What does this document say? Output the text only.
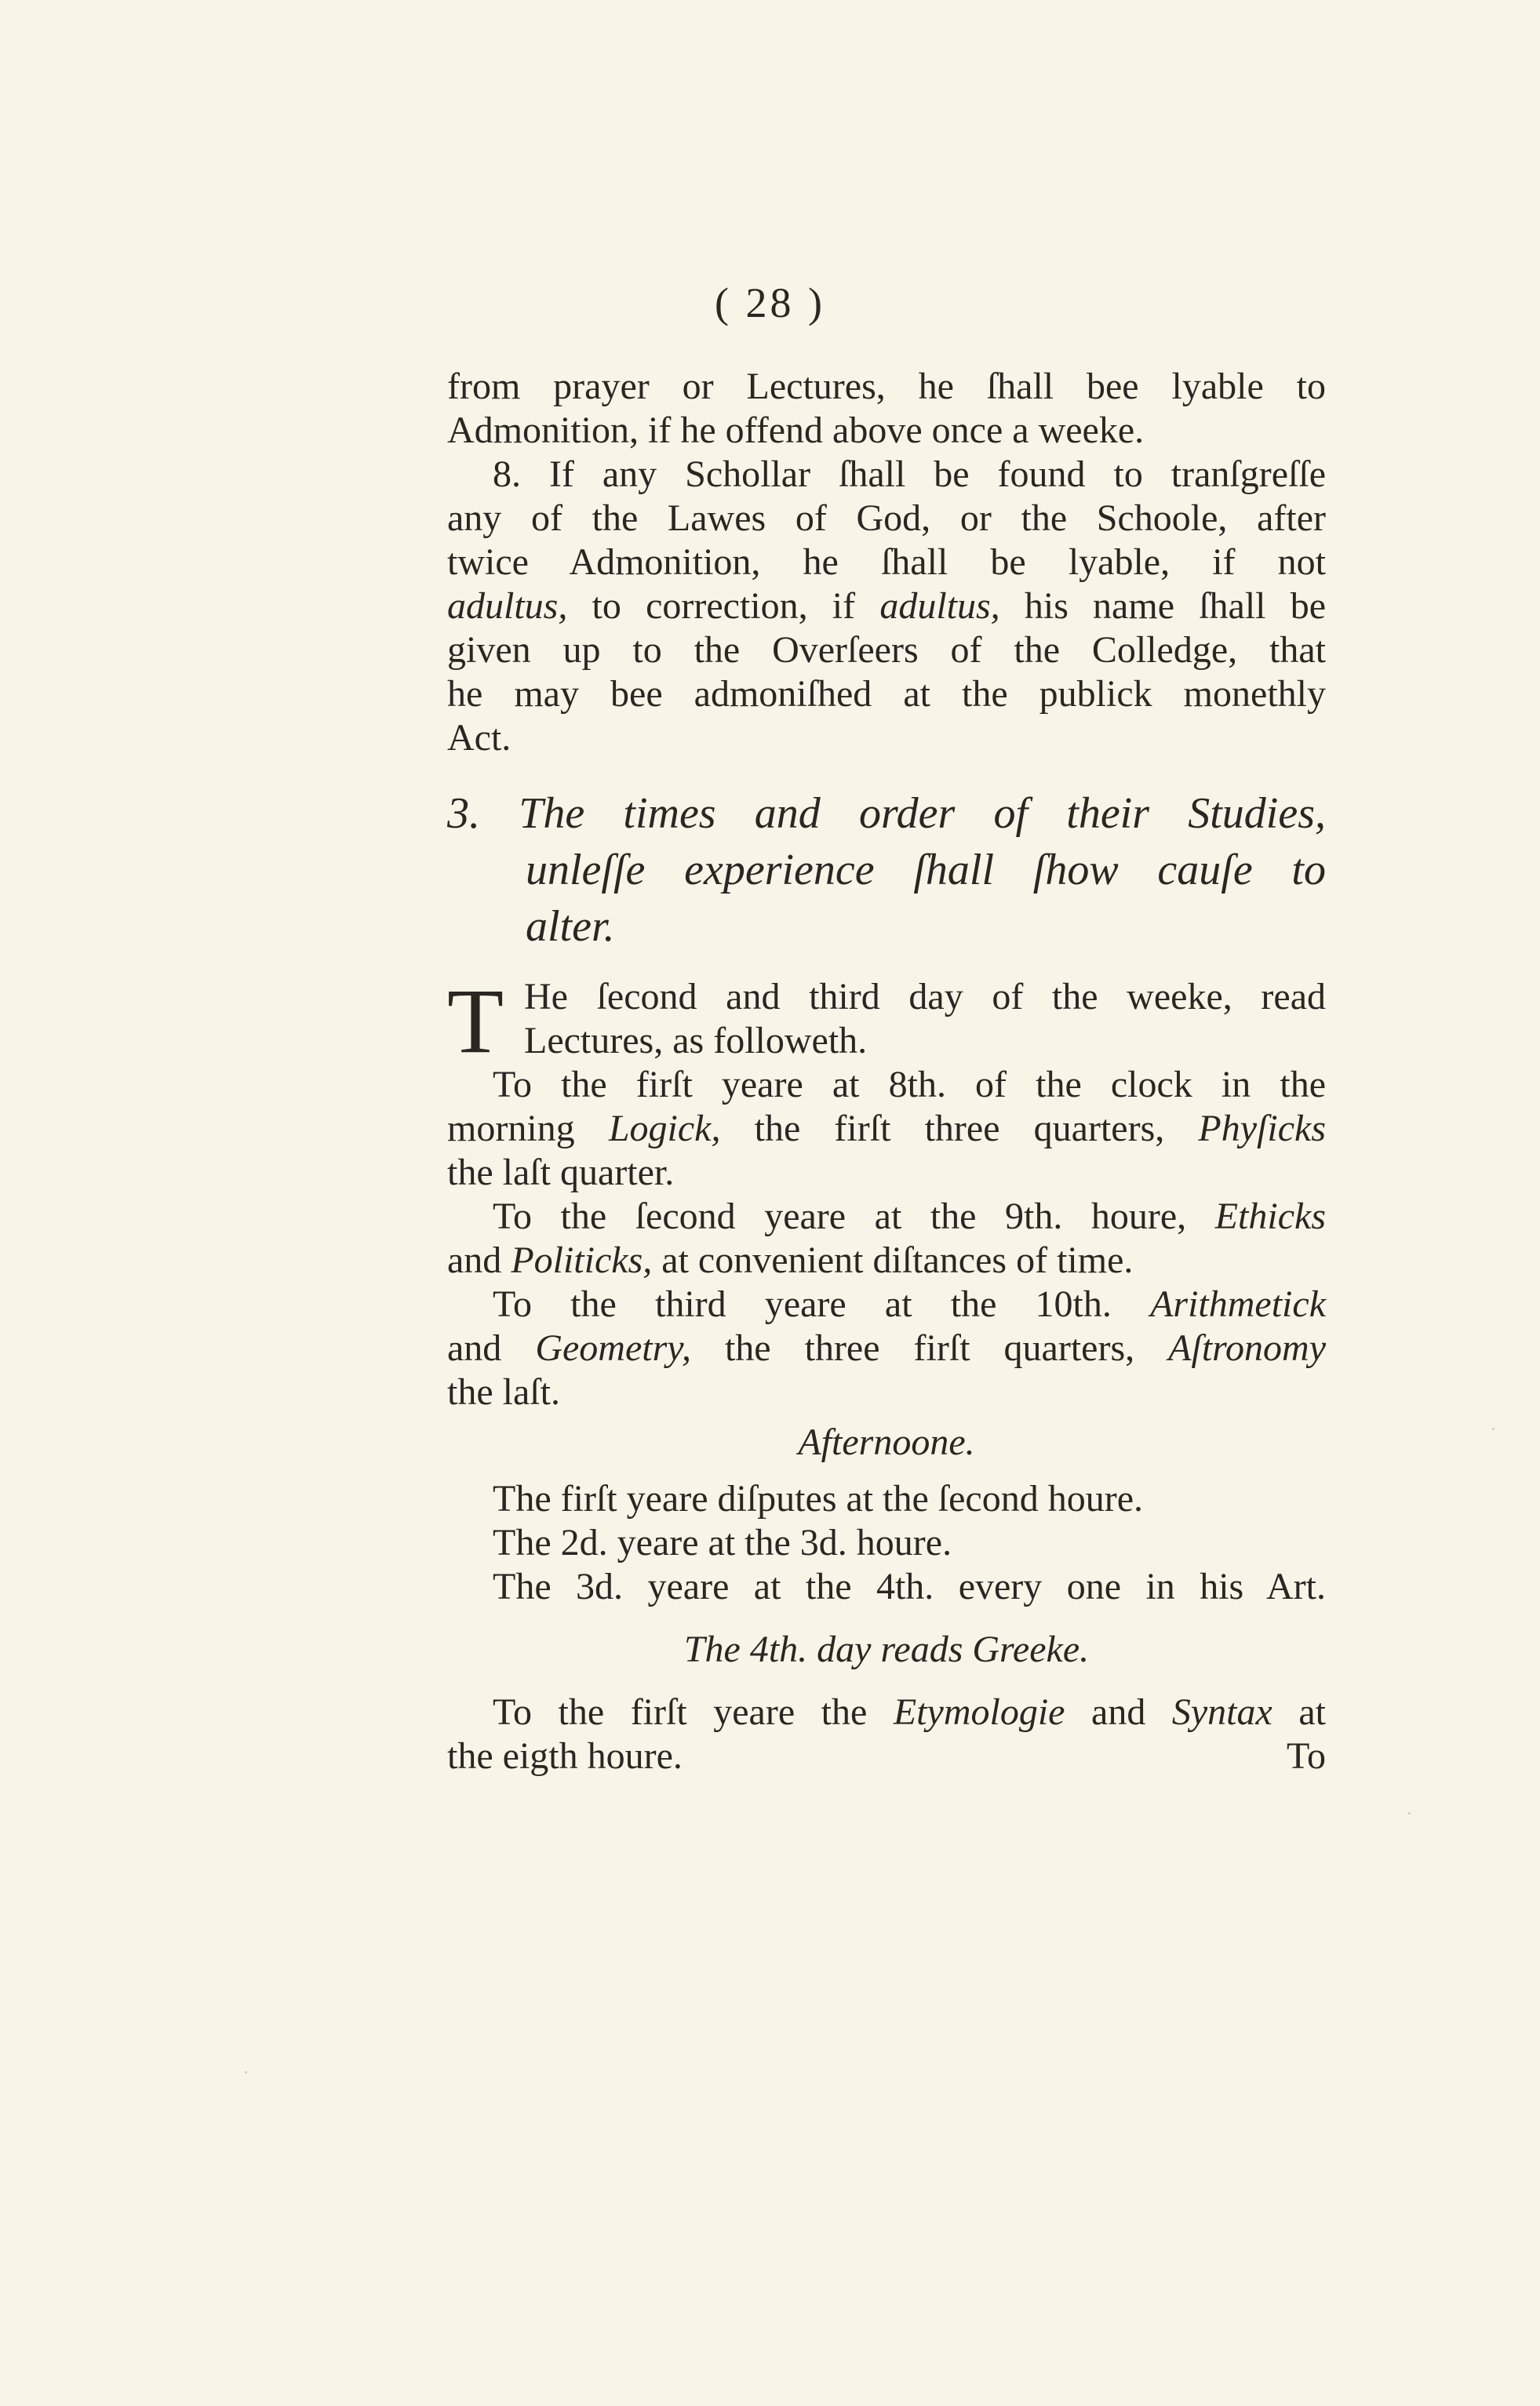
( 28 )
from prayer or Lectures, he ſhall bee lyable to
Admonition, if he offend above once a weeke.
8. If any Schollar ſhall be found to tranſgreſſe
any of the Lawes of God, or the Schoole, after
twice Admonition, he ſhall be lyable, if not
adultus, to correction, if adultus, his name ſhall be
given up to the Overſeers of the Colledge, that
he may bee admoniſhed at the publick monethly
Act.
3. The times and order of their Studies,
unleſſe experience ſhall ſhow cauſe to
alter.
T He ſecond and third day of the weeke, read
Lectures, as followeth.
To the firſt yeare at 8th. of the clock in the
morning Logick, the firſt three quarters, Phyſicks
the laſt quarter.
To the ſecond yeare at the 9th. houre, Ethicks
and Politicks, at convenient diſtances of time.
To the third yeare at the 10th. Arithmetick
and Geometry, the three firſt quarters, Aſtronomy
the laſt.
Afternoone.
The firſt yeare diſputes at the ſecond houre.
The 2d. yeare at the 3d. houre.
The 3d. yeare at the 4th. every one in his Art.
The 4th. day reads Greeke.
To the firſt yeare the Etymologie and Syntax at
the eigth houre.	To
